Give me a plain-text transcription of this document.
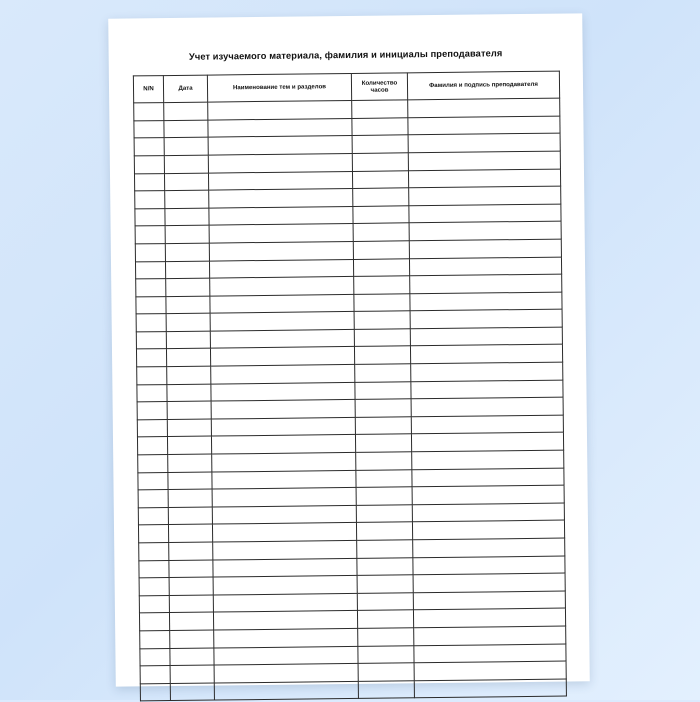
Учет изучаемого материала, фамилия и инициалы преподавателя
N/N	Дата	Наименование тем и разделов	Количество часов	Фамилия и подпись преподавателя
